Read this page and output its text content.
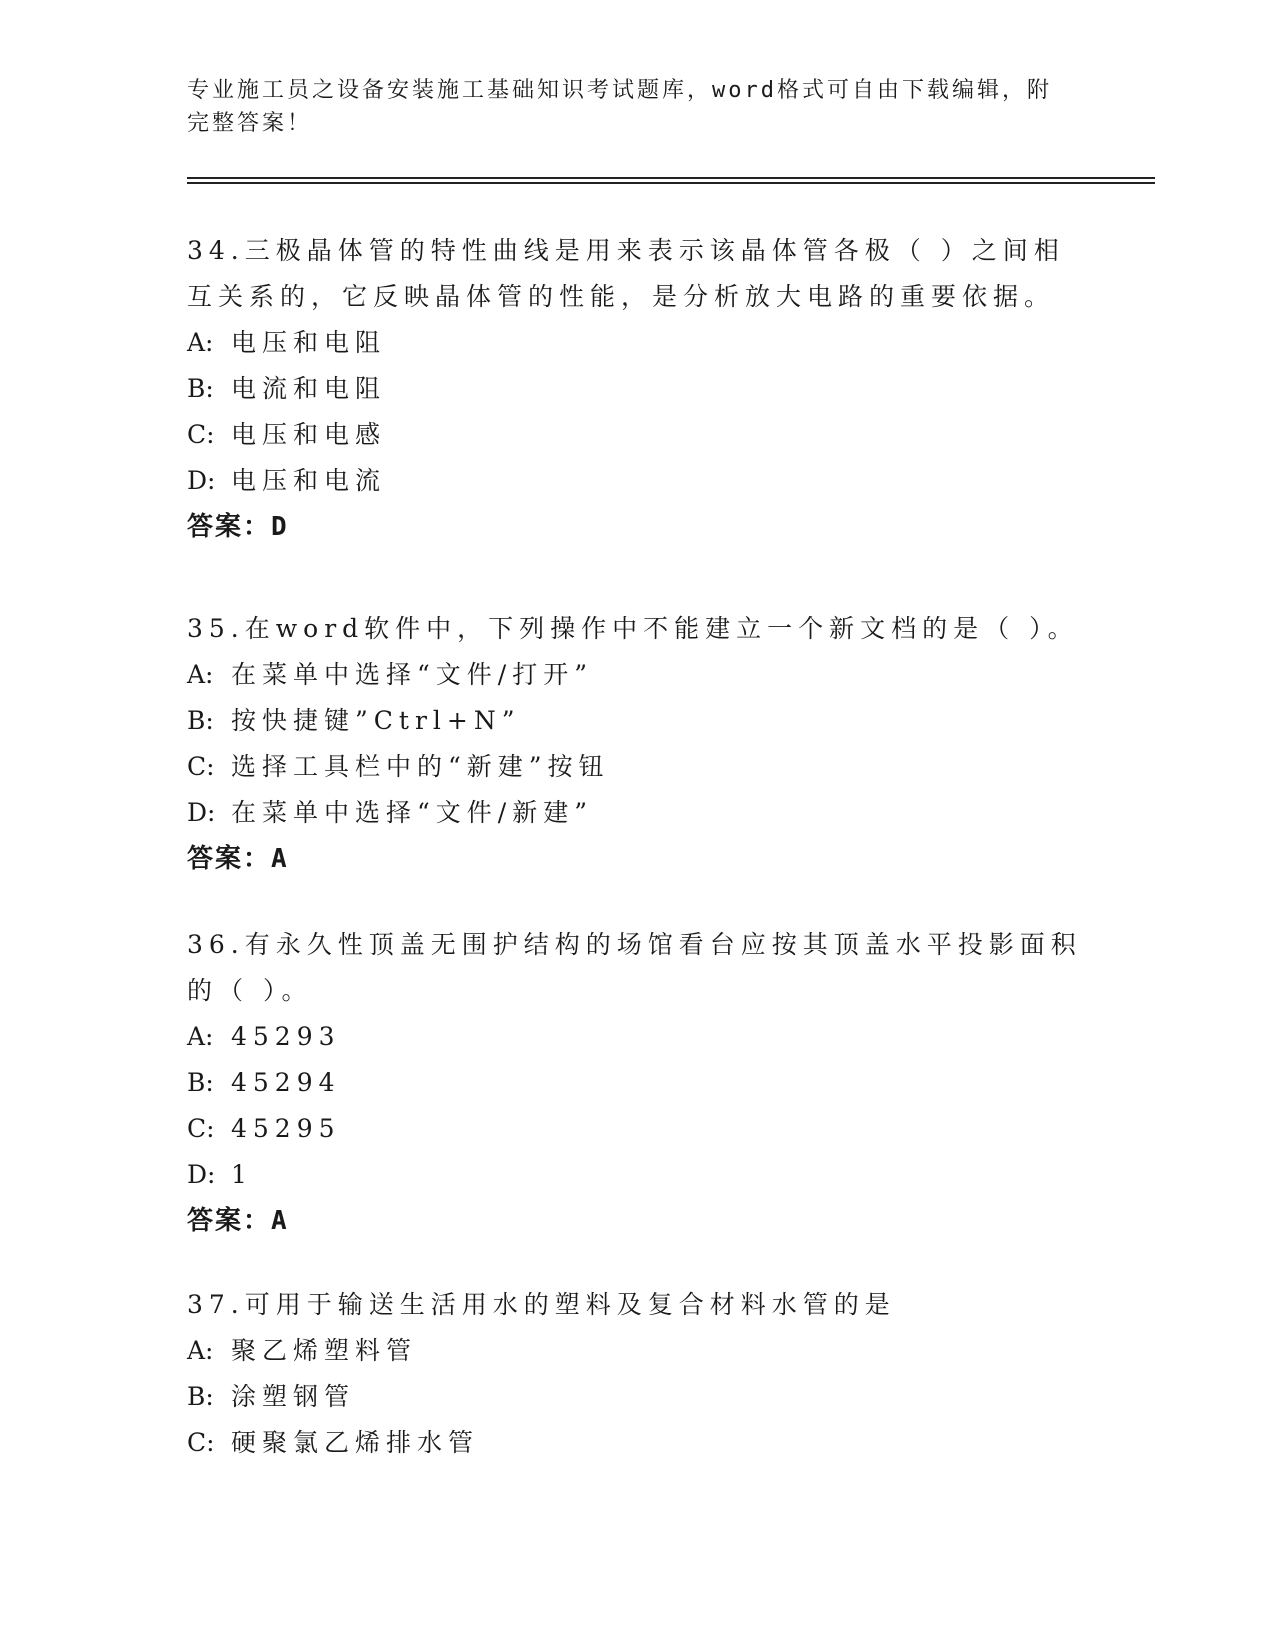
专业施工员之设备安装施工基础知识考试题库，word格式可自由下载编辑，附完整答案！

34.三极晶体管的特性曲线是用来表示该晶体管各极（ ）之间相互关系的，它反映晶体管的性能，是分析放大电路的重要依据。

A: 电压和电阻

B: 电流和电阻

C: 电压和电感

D: 电压和电流

答案：D

35.在word软件中，下列操作中不能建立一个新文档的是（ ）。

A: 在菜单中选择“文件/打开”

B: 按快捷键”Ctrl+N”

C: 选择工具栏中的“新建”按钮

D: 在菜单中选择“文件/新建”

答案：A

36.有永久性顶盖无围护结构的场馆看台应按其顶盖水平投影面积的（ ）。

A: 45293

B: 45294

C: 45295

D: 1

答案：A

37.可用于输送生活用水的塑料及复合材料水管的是

A: 聚乙烯塑料管

B: 涂塑钢管

C: 硬聚氯乙烯排水管
